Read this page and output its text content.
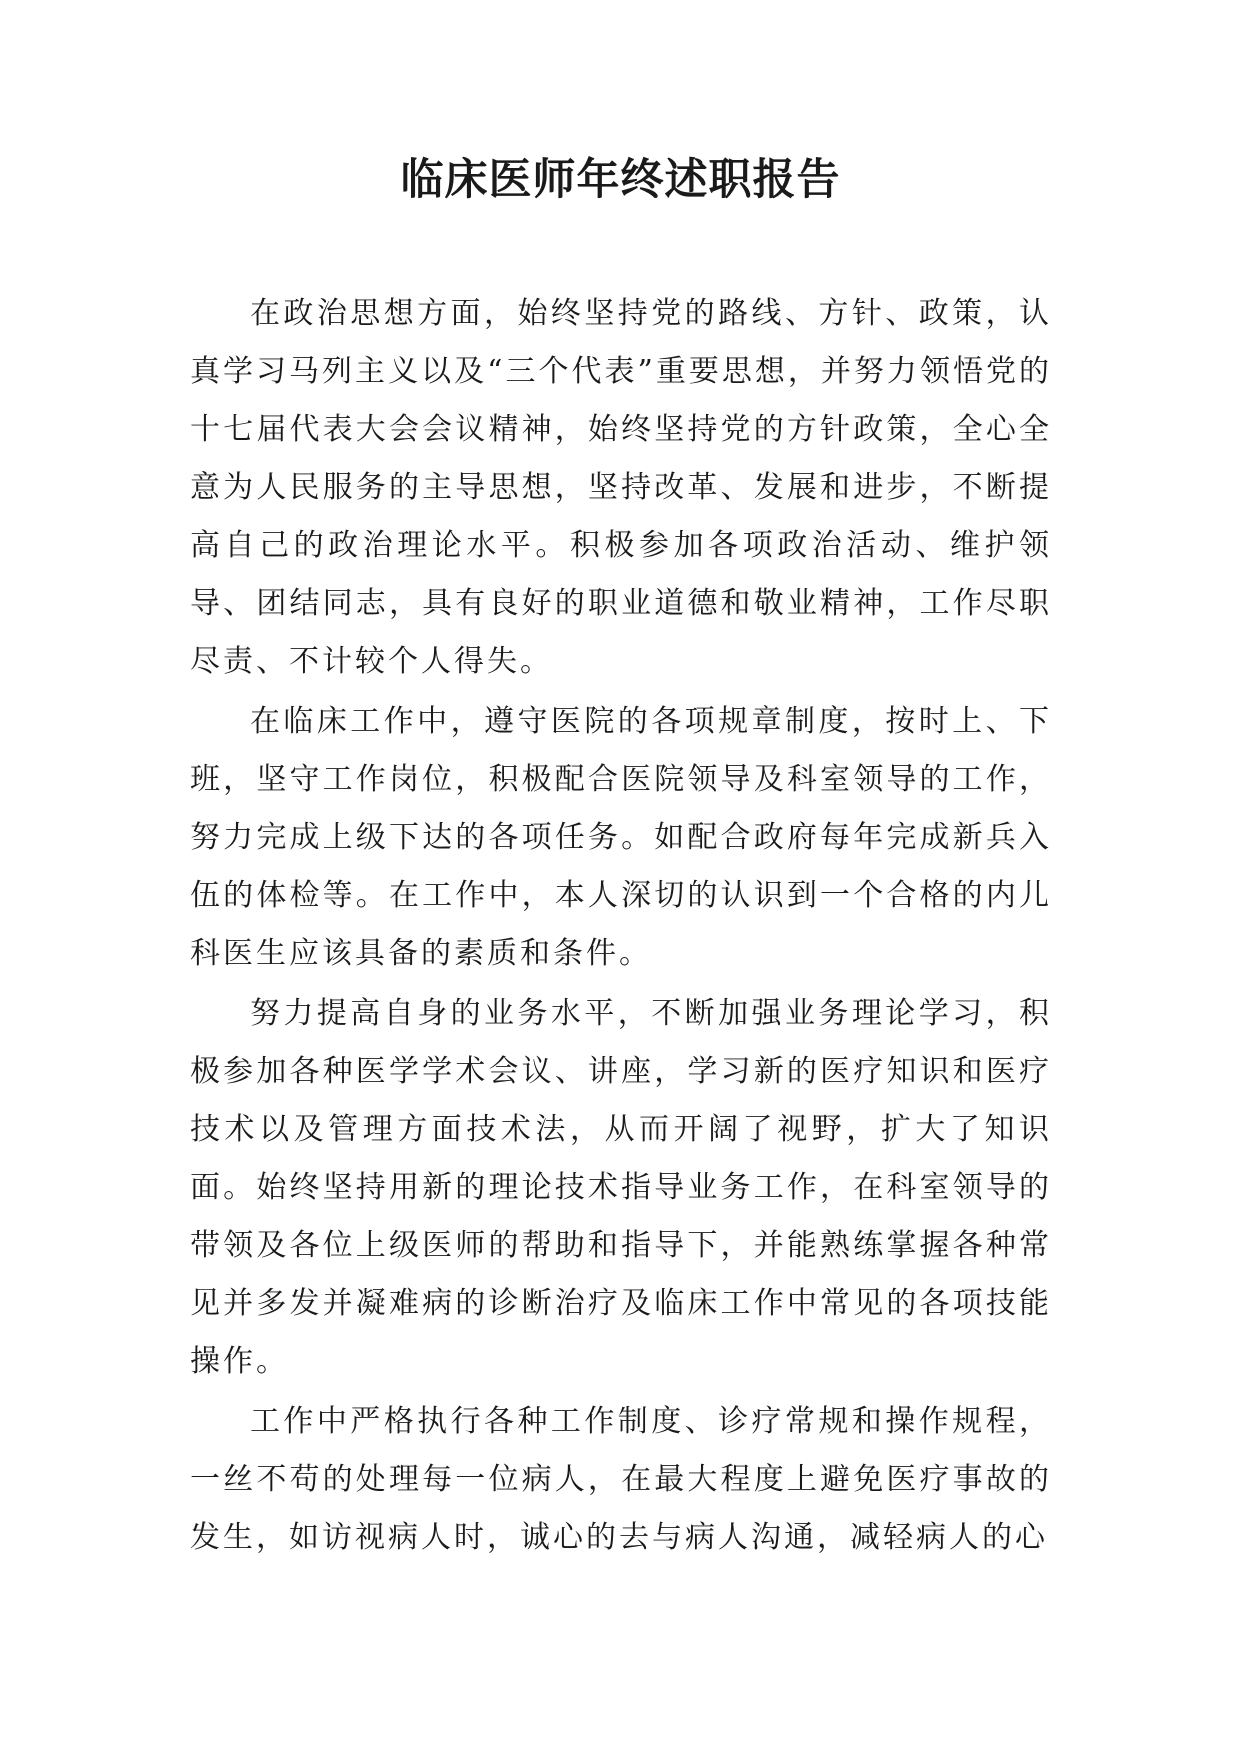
临床医师年终述职报告

在政治思想方面，始终坚持党的路线、方针、政策，认真学习马列主义以及“三个代表”重要思想，并努力领悟党的十七届代表大会会议精神，始终坚持党的方针政策，全心全意为人民服务的主导思想，坚持改革、发展和进步，不断提高自己的政治理论水平。积极参加各项政治活动、维护领导、团结同志，具有良好的职业道德和敬业精神，工作尽职尽责、不计较个人得失。

在临床工作中，遵守医院的各项规章制度，按时上、下班，坚守工作岗位，积极配合医院领导及科室领导的工作，努力完成上级下达的各项任务。如配合政府每年完成新兵入伍的体检等。在工作中，本人深切的认识到一个合格的内儿科医生应该具备的素质和条件。

努力提高自身的业务水平，不断加强业务理论学习，积极参加各种医学学术会议、讲座，学习新的医疗知识和医疗技术以及管理方面技术法，从而开阔了视野，扩大了知识面。始终坚持用新的理论技术指导业务工作，在科室领导的带领及各位上级医师的帮助和指导下，并能熟练掌握各种常见并多发并凝难病的诊断治疗及临床工作中常见的各项技能操作。

工作中严格执行各种工作制度、诊疗常规和操作规程，一丝不苟的处理每一位病人，在最大程度上避免医疗事故的发生，如访视病人时，诚心的去与病人沟通，减轻病人的心
